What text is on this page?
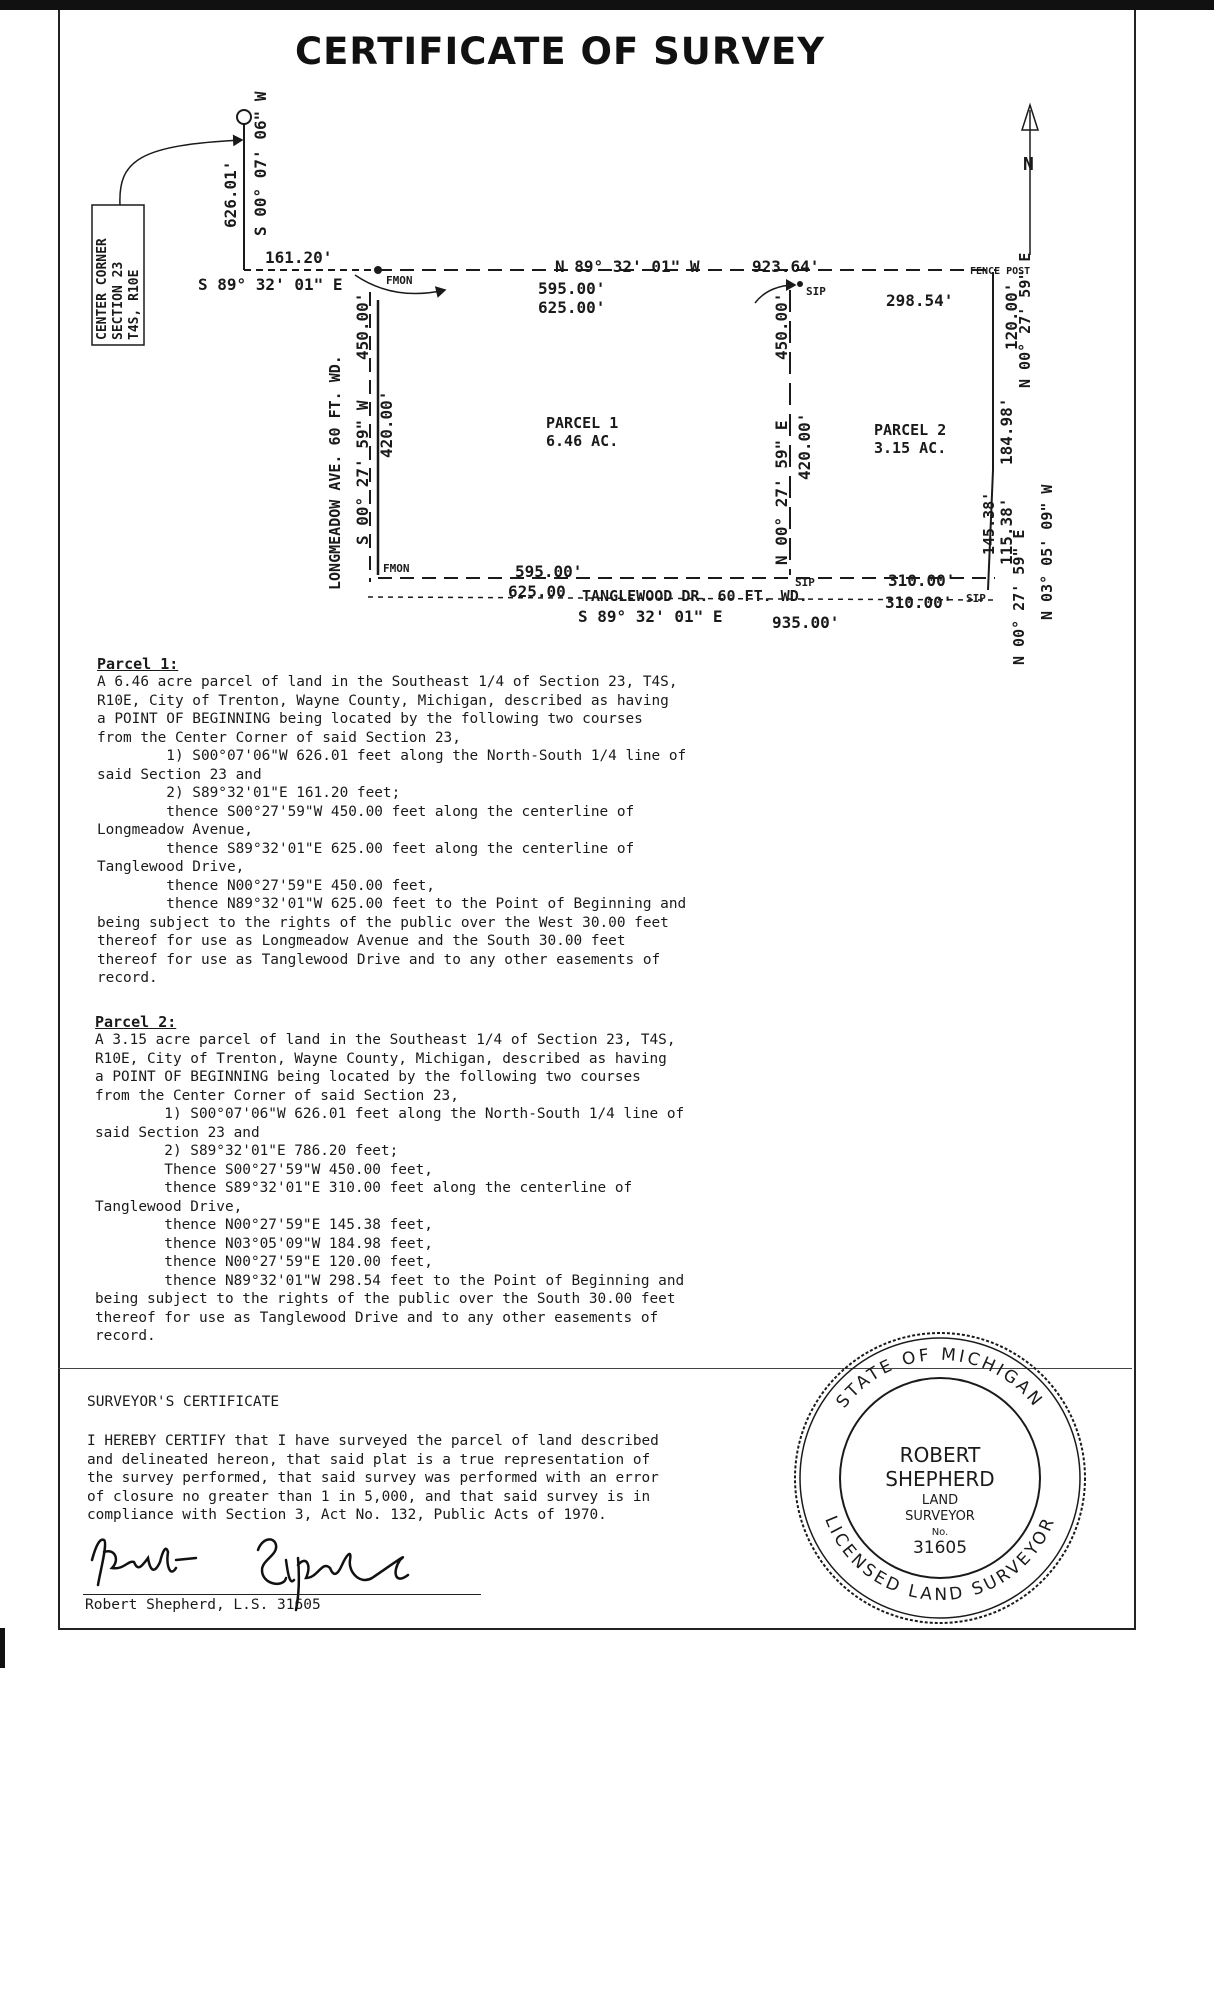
CERTIFICATE OF SURVEY
CENTER CORNER SECTION 23 T4S, R10E
626.01' S 00° 07' 06" W
161.20'
S 89° 32' 01" E	FMON
N 89° 32' 01" W	923.64'
595.00'
625.00'	298.54'
SIP
FENCE POST
LONGMEADOW AVE. 60 FT. WD.
450.00'
S 00° 27' 59" W 420.00'
450.00'
N 00° 27' 59" E 420.00'
PARCEL 1
6.46 AC.
PARCEL 2
3.15 AC.
120.00'
N 00° 27' 59" E
184.98'
N 03° 05' 09" W
145.38' 115.38'
N 00° 27' 59" E
N
FMON	595.00'
625.00 TANGLEWOOD DR. 60 FT. WD.
SIP	310.00'
310.00'
S 89° 32' 01" E	935.00'
SIP
Parcel 1:
A 6.46 acre parcel of land in the Southeast 1/4 of Section 23, T4S,
R10E, City of Trenton, Wayne County, Michigan, described as having
a POINT OF BEGINNING being located by the following two courses
from the Center Corner of said Section 23,
1) S00°07'06"W 626.01 feet along the North-South 1/4 line of
said Section 23 and
2) S89°32'01"E 161.20 feet;
thence S00°27'59"W 450.00 feet along the centerline of
Longmeadow Avenue,
thence S89°32'01"E 625.00 feet along the centerline of
Tanglewood Drive,
thence N00°27'59"E 450.00 feet,
thence N89°32'01"W 625.00 feet to the Point of Beginning and
being subject to the rights of the public over the West 30.00 feet
thereof for use as Longmeadow Avenue and the South 30.00 feet
thereof for use as Tanglewood Drive and to any other easements of
record.
Parcel 2:
A 3.15 acre parcel of land in the Southeast 1/4 of Section 23, T4S,
R10E, City of Trenton, Wayne County, Michigan, described as having
a POINT OF BEGINNING being located by the following two courses
from the Center Corner of said Section 23,
1) S00°07'06"W 626.01 feet along the North-South 1/4 line of
said Section 23 and
2) S89°32'01"E 786.20 feet;
Thence S00°27'59"W 450.00 feet,
thence S89°32'01"E 310.00 feet along the centerline of
Tanglewood Drive,
thence N00°27'59"E 145.38 feet,
thence N03°05'09"W 184.98 feet,
thence N00°27'59"E 120.00 feet,
thence N89°32'01"W 298.54 feet to the Point of Beginning and
being subject to the rights of the public over the South 30.00 feet
thereof for use as Tanglewood Drive and to any other easements of
record.
SURVEYOR'S CERTIFICATE
I HEREBY CERTIFY that I have surveyed the parcel of land described
and delineated hereon, that said plat is a true representation of
the survey performed, that said survey was performed with an error
of closure no greater than 1 in 5,000, and that said survey is in
compliance with Section 3, Act No. 132, Public Acts of 1970.
Robert Shepherd, L.S. 31605
STATE OF MICHIGAN
LICENSED LAND SURVEYOR
ROBERT
SHEPHERD
LAND
SURVEYOR
No.
31605
